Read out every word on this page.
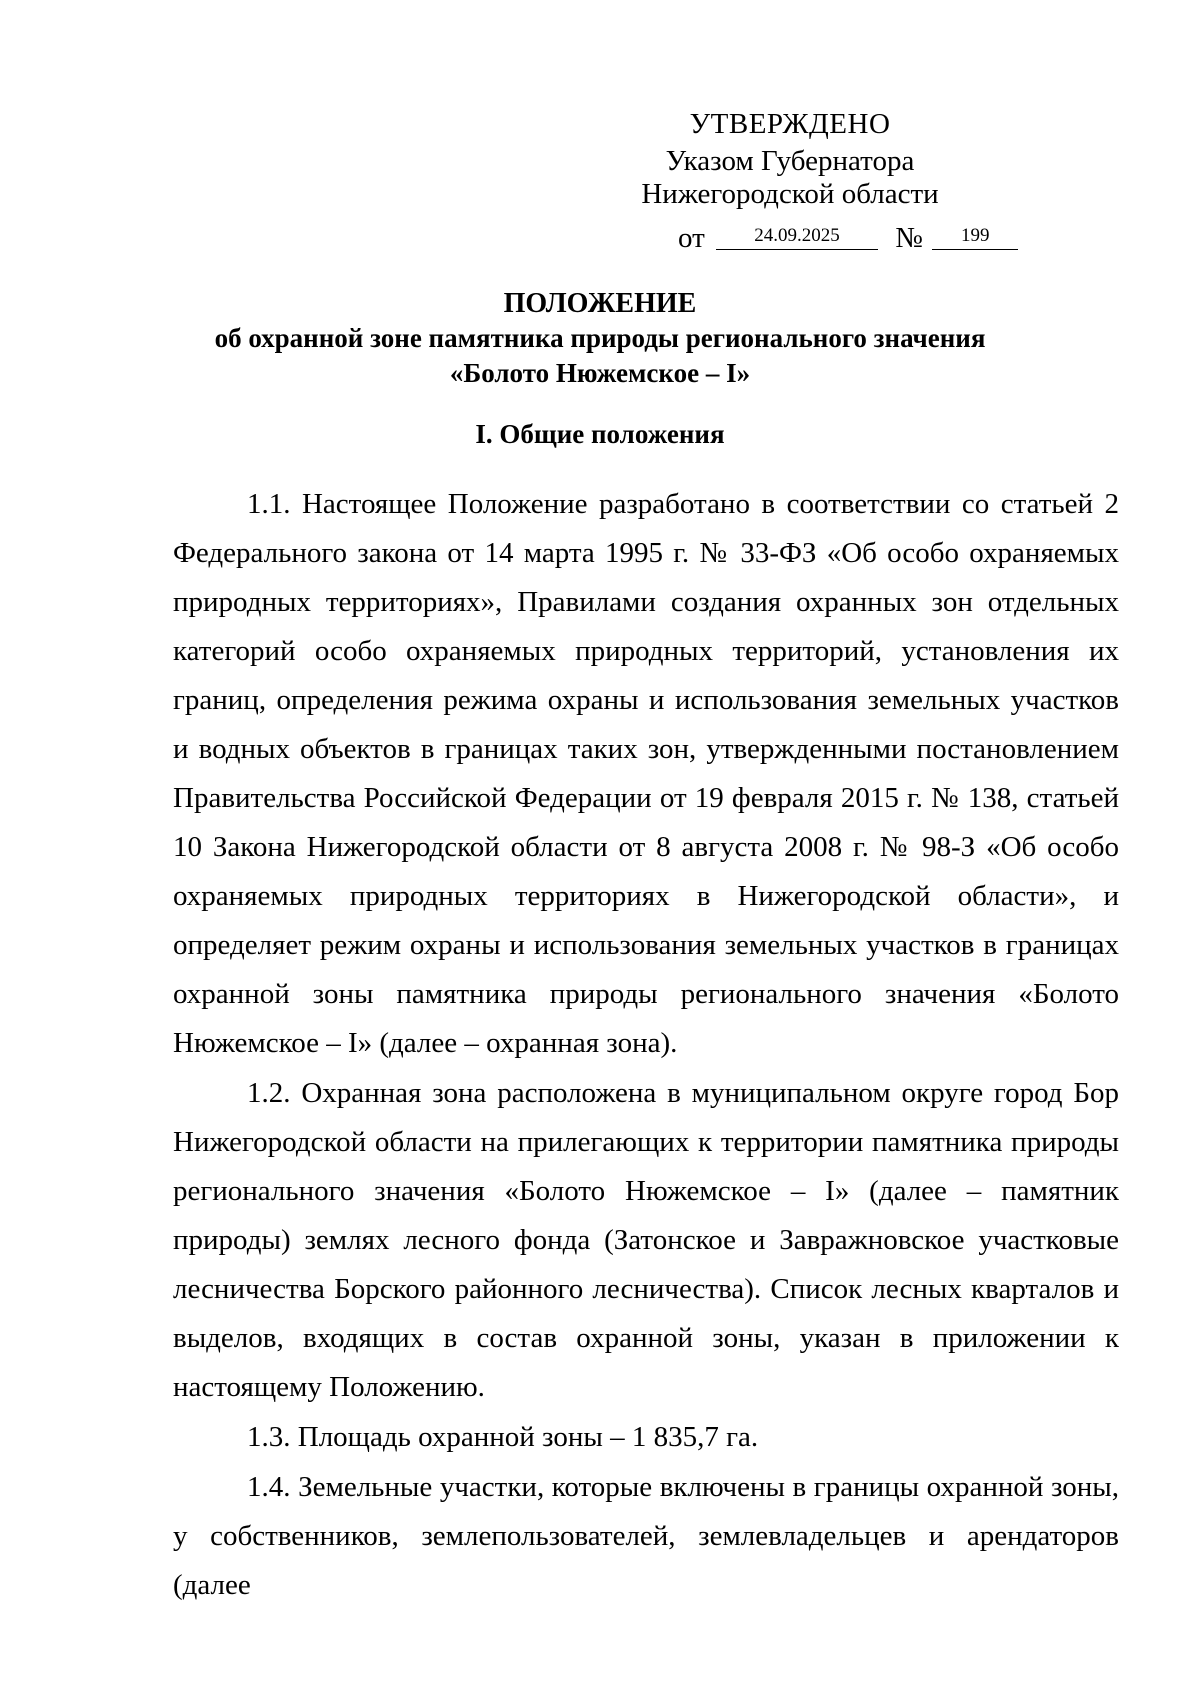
УТВЕРЖДЕНО
Указом Губернатора
Нижегородской области
от	24.09.2025 № 199
ПОЛОЖЕНИЕ
об охранной зоне памятника природы регионального значения
«Болото Нюжемское – I»
I. Общие положения

1.1. Настоящее Положение разработано в соответствии со статьей 2 Федерального закона от 14 марта 1995 г. № 33-ФЗ «Об особо охраняемых природных территориях», Правилами создания охранных зон отдельных категорий особо охраняемых природных территорий, установления их границ, определения режима охраны и использования земельных участков и водных объектов в границах таких зон, утвержденными постановлением Правительства Российской Федерации от 19 февраля 2015 г. № 138, статьей 10 Закона Нижегородской области от 8 августа 2008 г. № 98-З «Об особо охраняемых природных территориях в Нижегородской области», и определяет режим охраны и использования земельных участков в границах охранной зоны памятника природы регионального значения «Болото Нюжемское – I» (далее – охранная зона).

1.2. Охранная зона расположена в муниципальном округе город Бор Нижегородской области на прилегающих к территории памятника природы регионального значения «Болото Нюжемское – I» (далее – памятник природы) землях лесного фонда (Затонское и Завражновское участковые лесничества Борского районного лесничества). Список лесных кварталов и выделов, входящих в состав охранной зоны, указан в приложении к настоящему Положению.

1.3. Площадь охранной зоны – 1 835,7 га.

1.4. Земельные участки, которые включены в границы охранной зоны, у собственников, землепользователей, землевладельцев и арендаторов (далее
